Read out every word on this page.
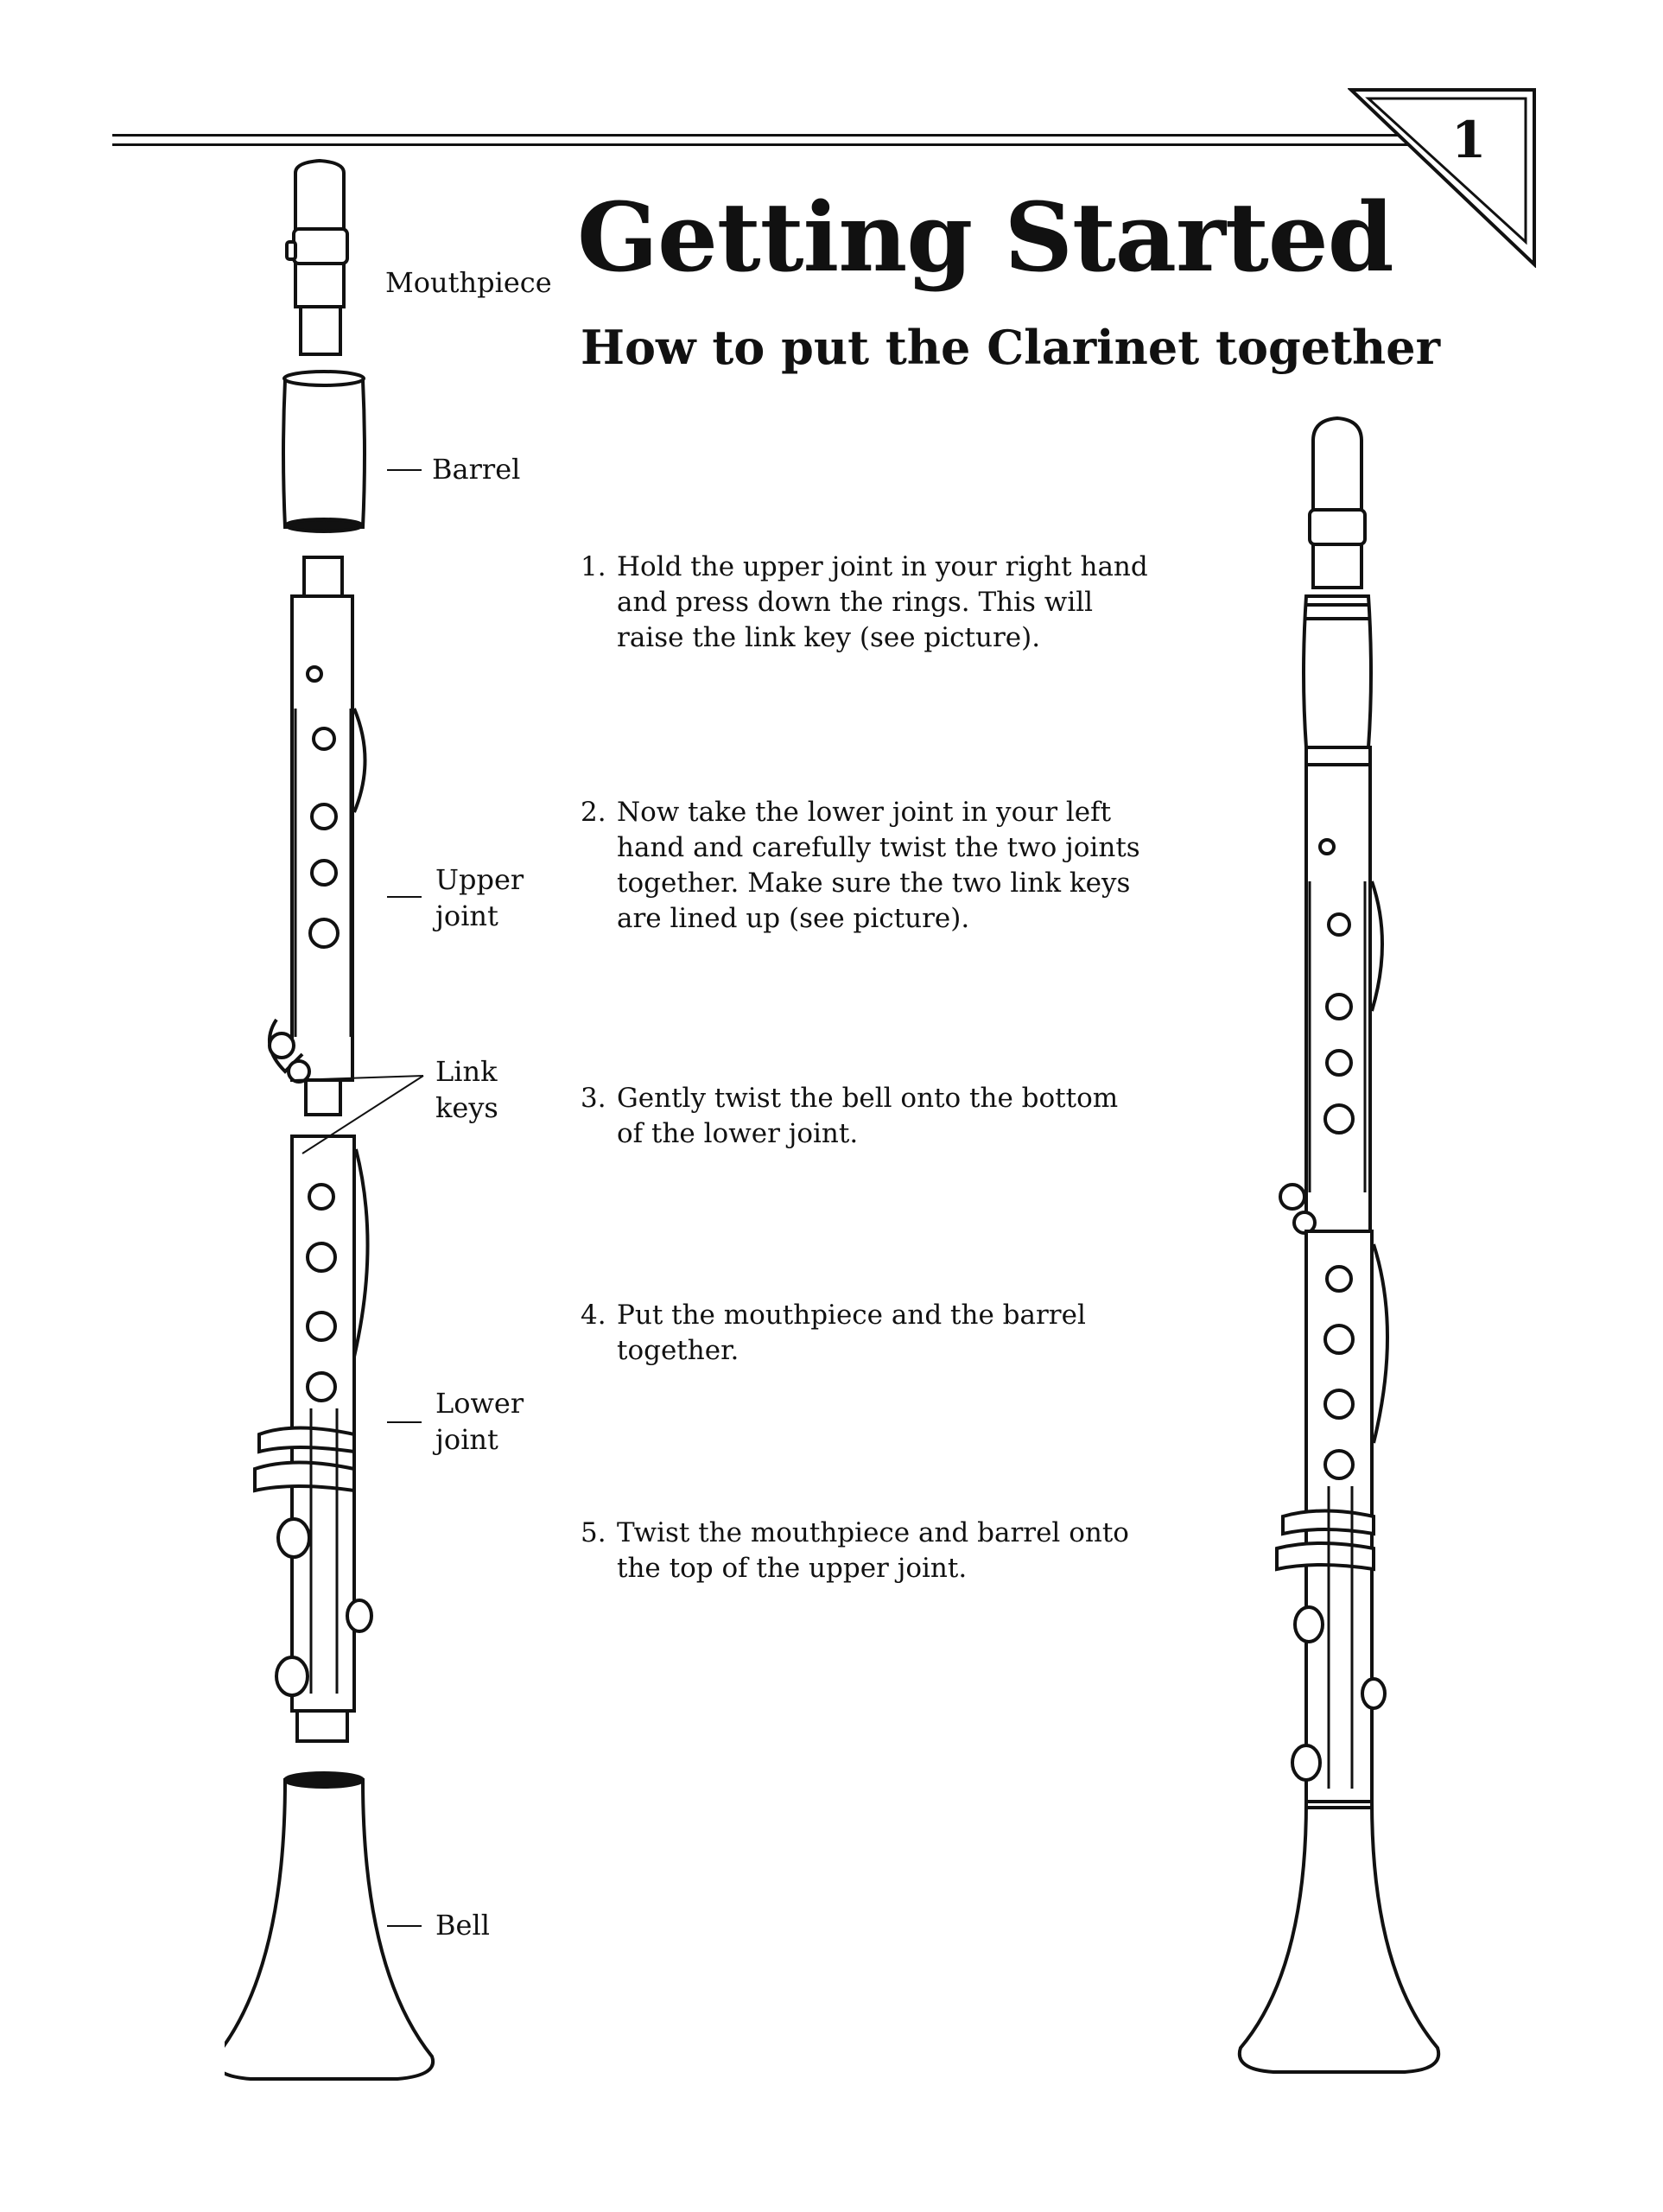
1
Getting Started
How to put the Clarinet together
Mouthpiece
Barrel
Upper
joint
Link
keys
Lower
joint
Bell
1. Hold the upper joint in your right hand
and press down the rings. This will
raise the link key (see picture).
2. Now take the lower joint in your left
hand and carefully twist the two joints
together. Make sure the two link keys
are lined up (see picture).
3. Gently twist the bell onto the bottom
of the lower joint.
4. Put the mouthpiece and the barrel
together.
5. Twist the mouthpiece and barrel onto
the top of the upper joint.
